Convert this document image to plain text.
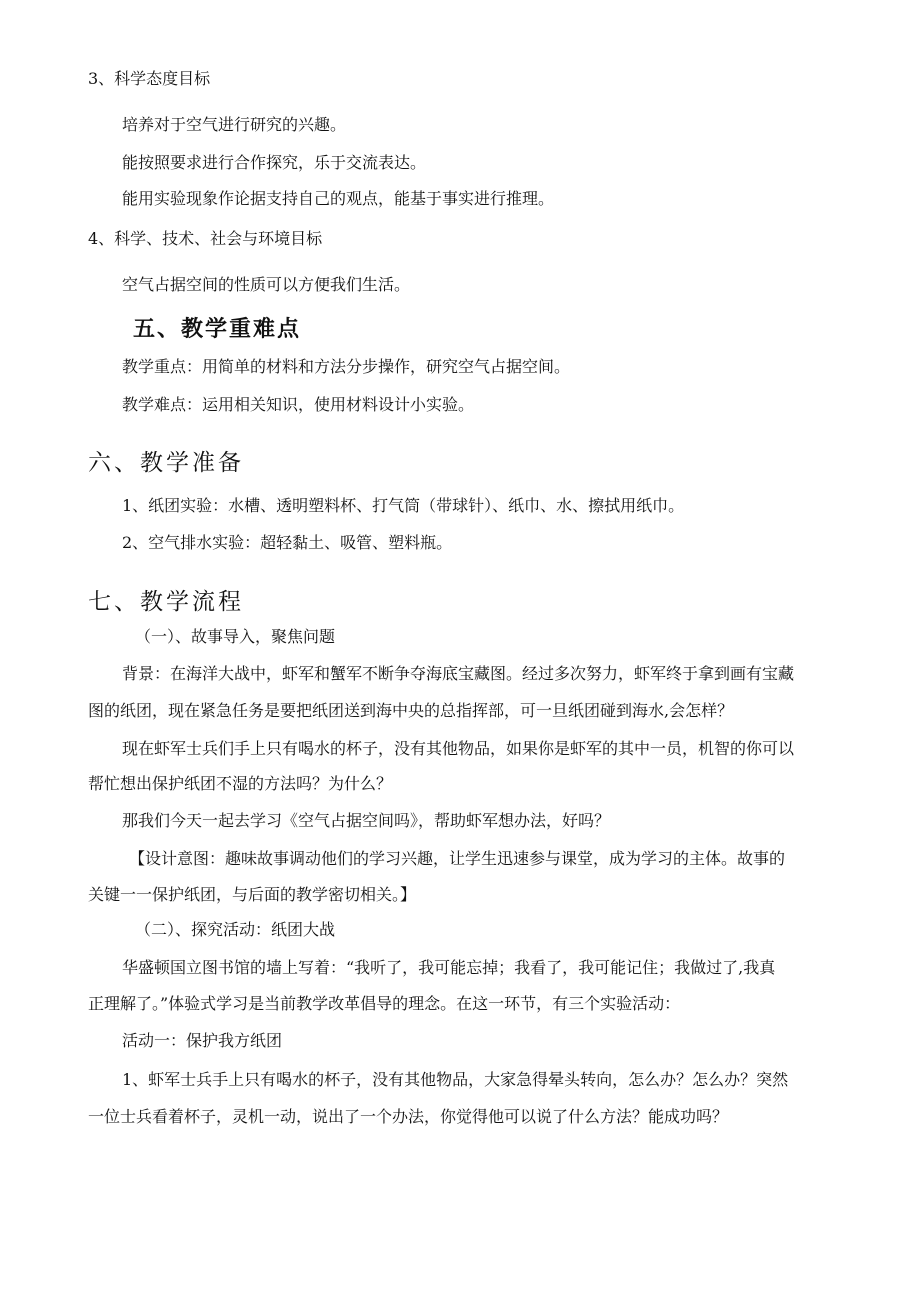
3、科学态度目标
培养对于空气进行研究的兴趣。
能按照要求进行合作探究，乐于交流表达。
能用实验现象作论据支持自己的观点，能基于事实进行推理。
4、科学、技术、社会与环境目标
空气占据空间的性质可以方便我们生活。
五、教学重难点
教学重点：用简单的材料和方法分步操作，研究空气占据空间。
教学难点：运用相关知识，使用材料设计小实验。
六、教学准备
1、纸团实验：水槽、透明塑料杯、打气筒（带球针）、纸巾、水、擦拭用纸巾。
2、空气排水实验：超轻黏土、吸管、塑料瓶。
七、教学流程
（一）、故事导入，聚焦问题
背景：在海洋大战中，虾军和蟹军不断争夺海底宝藏图。经过多次努力，虾军终于拿到画有宝藏
图的纸团，现在紧急任务是要把纸团送到海中央的总指挥部，可一旦纸团碰到海水,会怎样？
现在虾军士兵们手上只有喝水的杯子，没有其他物品，如果你是虾军的其中一员，机智的你可以
帮忙想出保护纸团不湿的方法吗？为什么？
那我们今天一起去学习《空气占据空间吗》，帮助虾军想办法，好吗？
【设计意图：趣味故事调动他们的学习兴趣，让学生迅速参与课堂，成为学习的主体。故事的
关键一一保护纸团，与后面的教学密切相关。】
（二）、探究活动：纸团大战
华盛顿国立图书馆的墙上写着：“我听了，我可能忘掉；我看了，我可能记住；我做过了,我真
正理解了。”体验式学习是当前教学改革倡导的理念。在这一环节，有三个实验活动：
活动一：保护我方纸团
1、虾军士兵手上只有喝水的杯子，没有其他物品，大家急得晕头转向，怎么办？怎么办？突然
一位士兵看着杯子，灵机一动，说出了一个办法，你觉得他可以说了什么方法？能成功吗？
